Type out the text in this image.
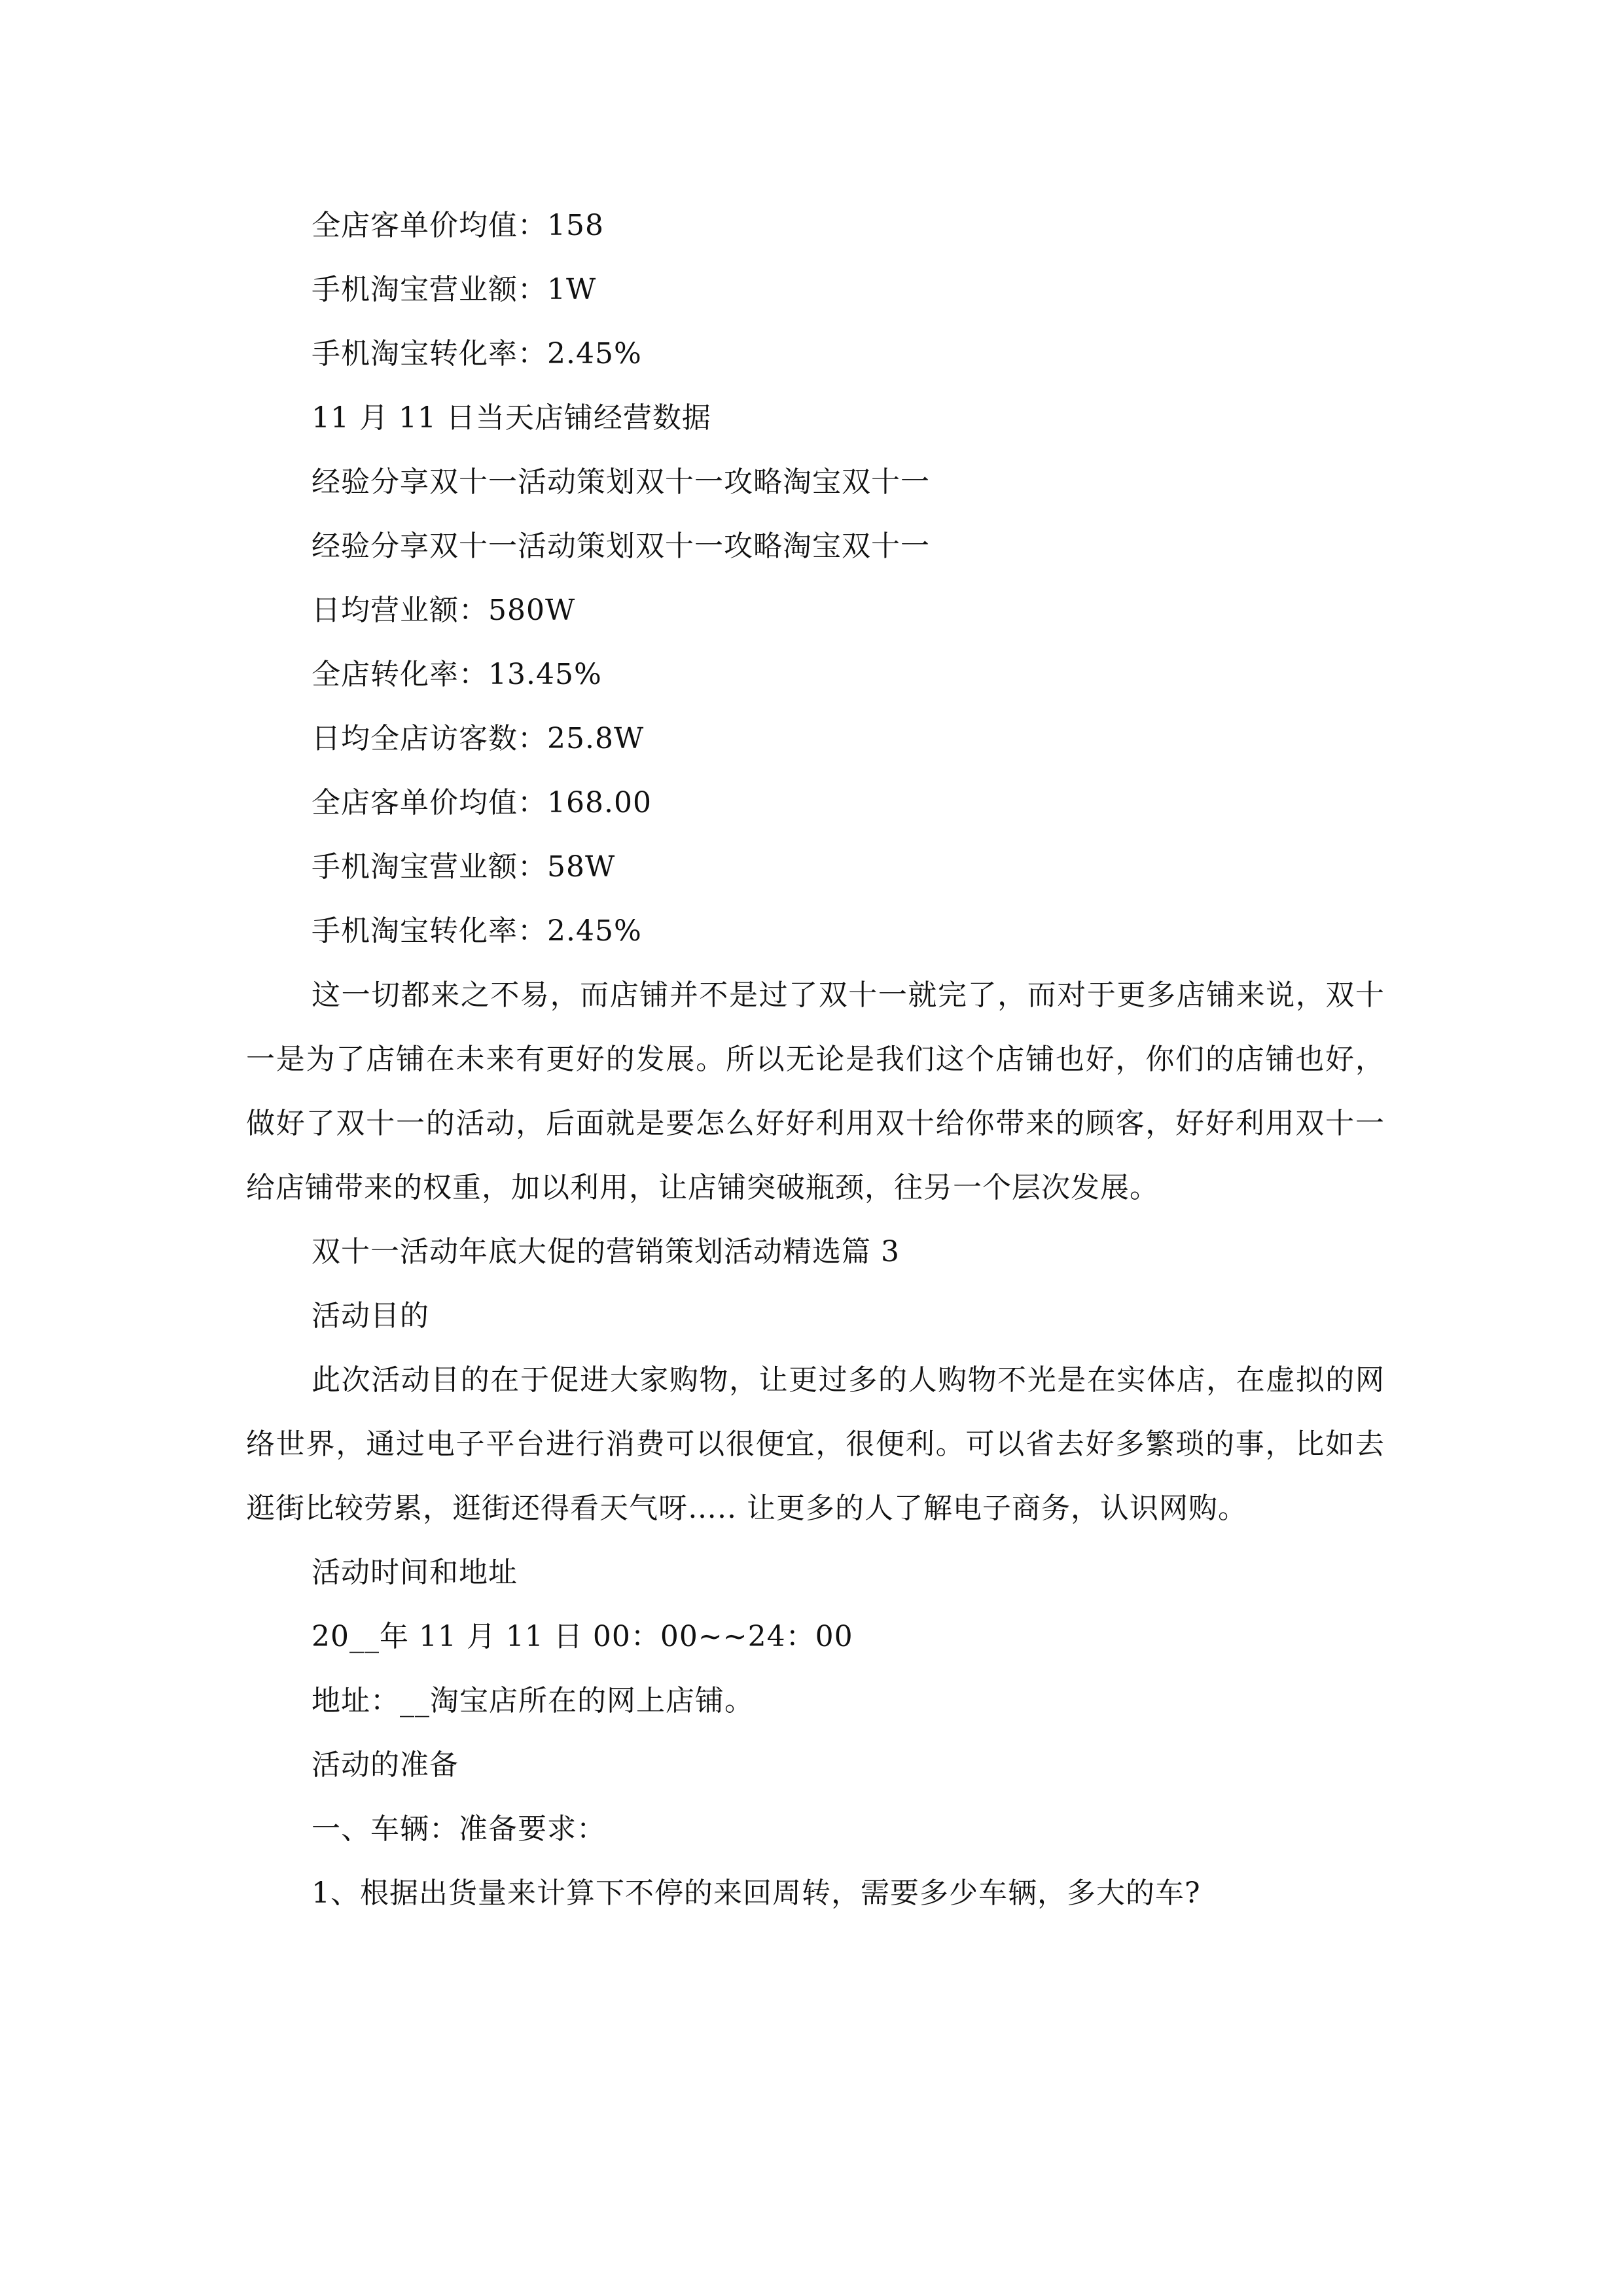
全店客单价均值：158

手机淘宝营业额：1W

手机淘宝转化率：2.45%

11 月 11 日当天店铺经营数据

经验分享双十一活动策划双十一攻略淘宝双十一

经验分享双十一活动策划双十一攻略淘宝双十一

日均营业额：580W

全店转化率：13.45%

日均全店访客数：25.8W

全店客单价均值：168.00

手机淘宝营业额：58W

手机淘宝转化率：2.45%

这一切都来之不易，而店铺并不是过了双十一就完了，而对于更多店铺来说，双十一是为了店铺在未来有更好的发展。所以无论是我们这个店铺也好，你们的店铺也好，做好了双十一的活动，后面就是要怎么好好利用双十给你带来的顾客，好好利用双十一给店铺带来的权重，加以利用，让店铺突破瓶颈，往另一个层次发展。

双十一活动年底大促的营销策划活动精选篇 3

活动目的

此次活动目的在于促进大家购物，让更过多的人购物不光是在实体店，在虚拟的网络世界，通过电子平台进行消费可以很便宜，很便利。可以省去好多繁琐的事，比如去逛街比较劳累，逛街还得看天气呀….. 让更多的人了解电子商务，认识网购。

活动时间和地址

20__年 11 月 11 日 00：00~~24：00

地址：__淘宝店所在的网上店铺。

活动的准备

一、车辆：准备要求：

1、根据出货量来计算下不停的来回周转，需要多少车辆，多大的车?
